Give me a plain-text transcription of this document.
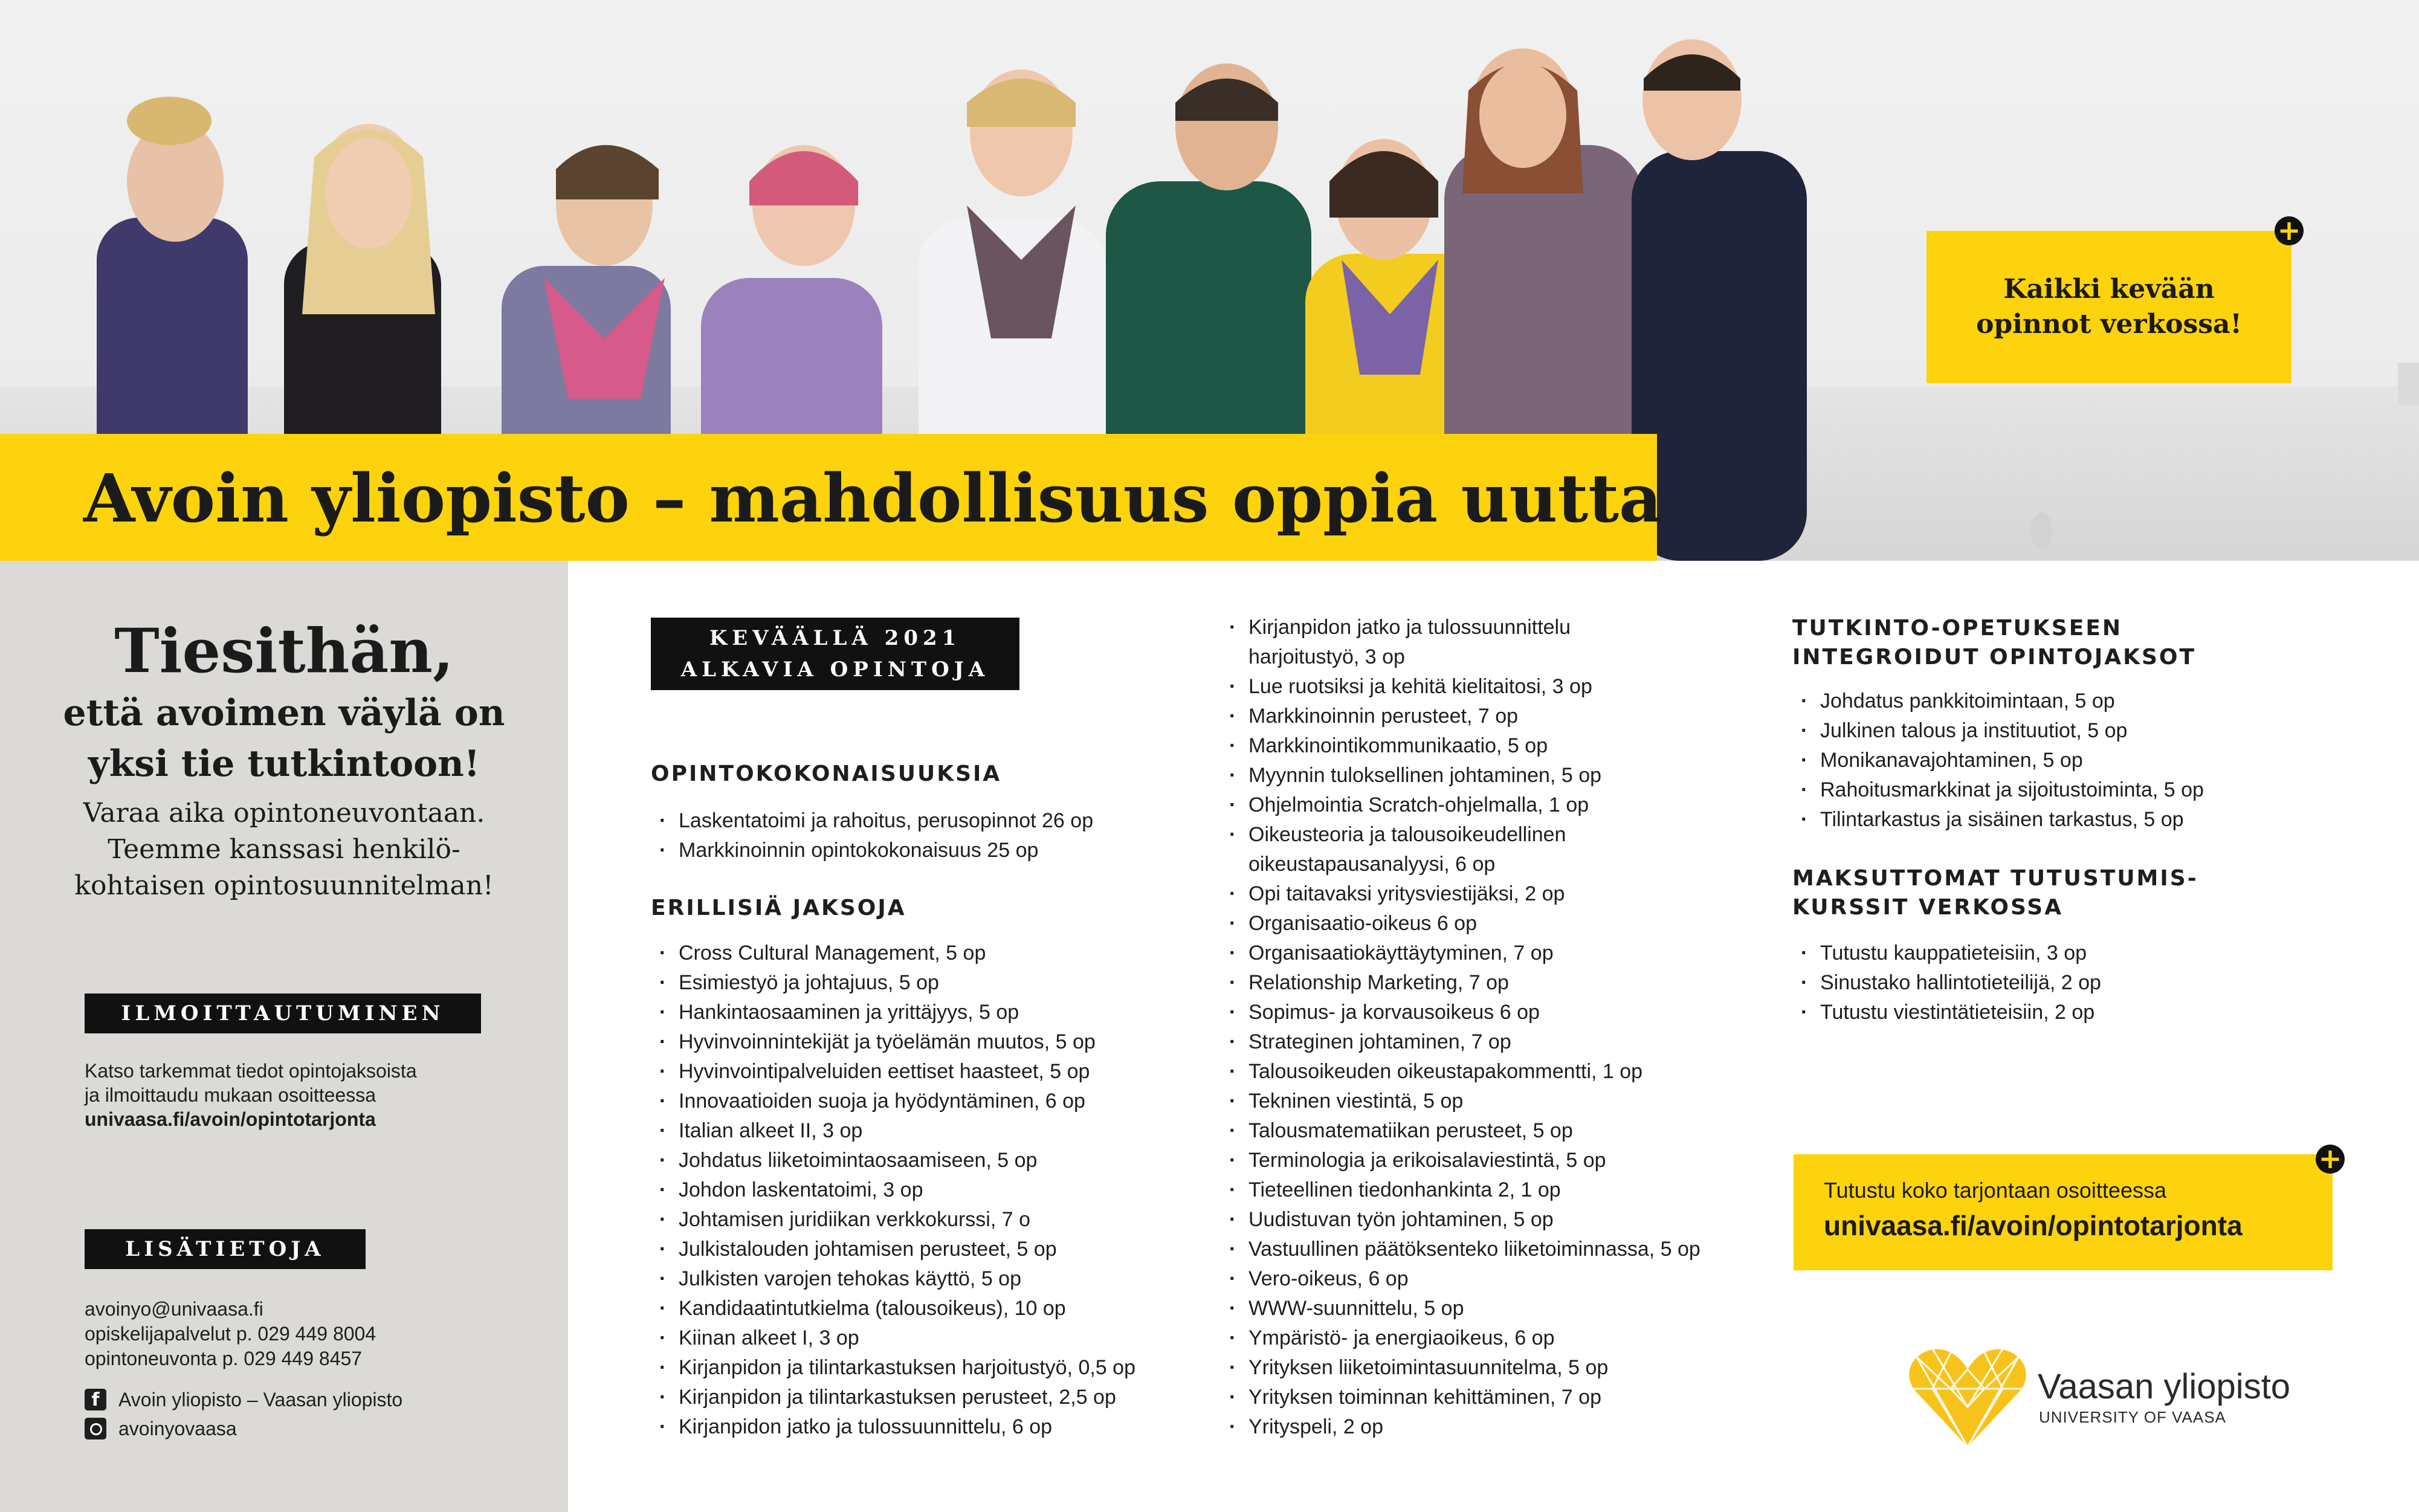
Avoin yliopisto – mahdollisuus oppia uutta
Kaikki kevään
opinnot verkossa!
+
Tiesithän,
että avoimen väylä on
yksi tie tutkintoon!
Varaa aika opintoneuvontaan.
Teemme kanssasi henkilö-
kohtaisen opintosuunnitelman!
ILMOITTAUTUMINEN
Katso tarkemmat tiedot opintojaksoista
ja ilmoittaudu mukaan osoitteessa
univaasa.fi/avoin/opintotarjonta
LISÄTIETOJA
avoinyo@univaasa.fi
opiskelijapalvelut p. 029 449 8004
opintoneuvonta p. 029 449 8457
f Avoin yliopisto – Vaasan yliopisto
avoinyovaasa
KEVÄÄLLÄ 2021
ALKAVIA OPINTOJA
OPINTOKOKONAISUUKSIA
· Laskentatoimi ja rahoitus, perusopinnot 26 op
· Markkinoinnin opintokokonaisuus 25 op
ERILLISIÄ JAKSOJA
· Cross Cultural Management, 5 op
· Esimiestyö ja johtajuus, 5 op
· Hankintaosaaminen ja yrittäjyys, 5 op
· Hyvinvoinnintekijät ja työelämän muutos, 5 op
· Hyvinvointipalveluiden eettiset haasteet, 5 op
· Innovaatioiden suoja ja hyödyntäminen, 6 op
· Italian alkeet II, 3 op
· Johdatus liiketoimintaosaamiseen, 5 op
· Johdon laskentatoimi, 3 op
· Johtamisen juridiikan verkkokurssi, 7 o
· Julkistalouden johtamisen perusteet, 5 op
· Julkisten varojen tehokas käyttö, 5 op
· Kandidaatintutkielma (talousoikeus), 10 op
· Kiinan alkeet I, 3 op
· Kirjanpidon ja tilintarkastuksen harjoitustyö, 0,5 op
· Kirjanpidon ja tilintarkastuksen perusteet, 2,5 op
· Kirjanpidon jatko ja tulossuunnittelu, 6 op
· Kirjanpidon jatko ja tulossuunnittelu
harjoitustyö, 3 op
· Lue ruotsiksi ja kehitä kielitaitosi, 3 op
· Markkinoinnin perusteet, 7 op
· Markkinointikommunikaatio, 5 op
· Myynnin tuloksellinen johtaminen, 5 op
· Ohjelmointia Scratch-ohjelmalla, 1 op
· Oikeusteoria ja talousoikeudellinen
oikeustapausanalyysi, 6 op
· Opi taitavaksi yritysviestijäksi, 2 op
· Organisaatio-oikeus 6 op
· Organisaatiokäyttäytyminen, 7 op
· Relationship Marketing, 7 op
· Sopimus- ja korvausoikeus 6 op
· Strateginen johtaminen, 7 op
· Talousoikeuden oikeustapakommentti, 1 op
· Tekninen viestintä, 5 op
· Talousmatematiikan perusteet, 5 op
· Terminologia ja erikoisalaviestintä, 5 op
· Tieteellinen tiedonhankinta 2, 1 op
· Uudistuvan työn johtaminen, 5 op
· Vastuullinen päätöksenteko liiketoiminnassa, 5 op
· Vero-oikeus, 6 op
· WWW-suunnittelu, 5 op
· Ympäristö- ja energiaoikeus, 6 op
· Yrityksen liiketoimintasuunnitelma, 5 op
· Yrityksen toiminnan kehittäminen, 7 op
· Yrityspeli, 2 op
TUTKINTO-OPETUKSEEN
INTEGROIDUT OPINTOJAKSOT
· Johdatus pankkitoimintaan, 5 op
· Julkinen talous ja instituutiot, 5 op
· Monikanavajohtaminen, 5 op
· Rahoitusmarkkinat ja sijoitustoiminta, 5 op
· Tilintarkastus ja sisäinen tarkastus, 5 op
MAKSUTTOMAT TUTUSTUMIS-
KURSSIT VERKOSSA
· Tutustu kauppatieteisiin, 3 op
· Sinustako hallintotieteilijä, 2 op
· Tutustu viestintätieteisiin, 2 op
Tutustu koko tarjontaan osoitteessa
univaasa.fi/avoin/opintotarjonta
+
Vaasan yliopisto
UNIVERSITY OF VAASA
